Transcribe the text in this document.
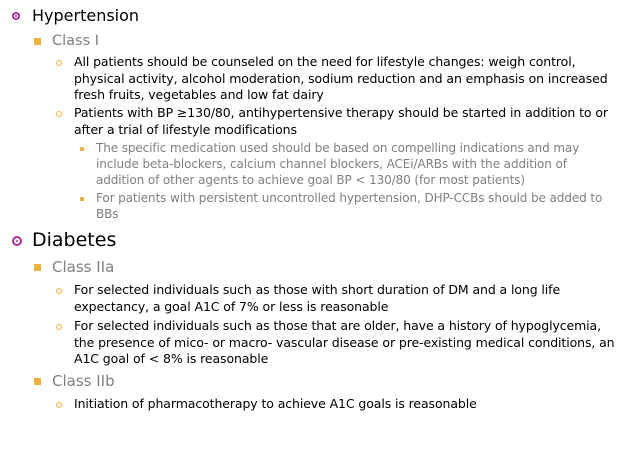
Hypertension
Class I
All patients should be counseled on the need for lifestyle changes: weigh control, physical activity, alcohol moderation, sodium reduction and an emphasis on increased fresh fruits, vegetables and low fat dairy
Patients with BP ≥130/80, antihypertensive therapy should be started in addition to or after a trial of lifestyle modifications
The specific medication used should be based on compelling indications and may include beta-blockers, calcium channel blockers, ACEi/ARBs with the addition of addition of other agents to achieve goal BP < 130/80 (for most patients)
For patients with persistent uncontrolled hypertension, DHP-CCBs should be added to BBs
Diabetes
Class IIa
For selected individuals such as those with short duration of DM and a long life expectancy, a goal A1C of 7% or less is reasonable
For selected individuals such as those that are older, have a history of hypoglycemia, the presence of mico- or macro- vascular disease or pre-existing medical conditions, an A1C goal of < 8% is reasonable
Class IIb
Initiation of pharmacotherapy to achieve A1C goals is reasonable
